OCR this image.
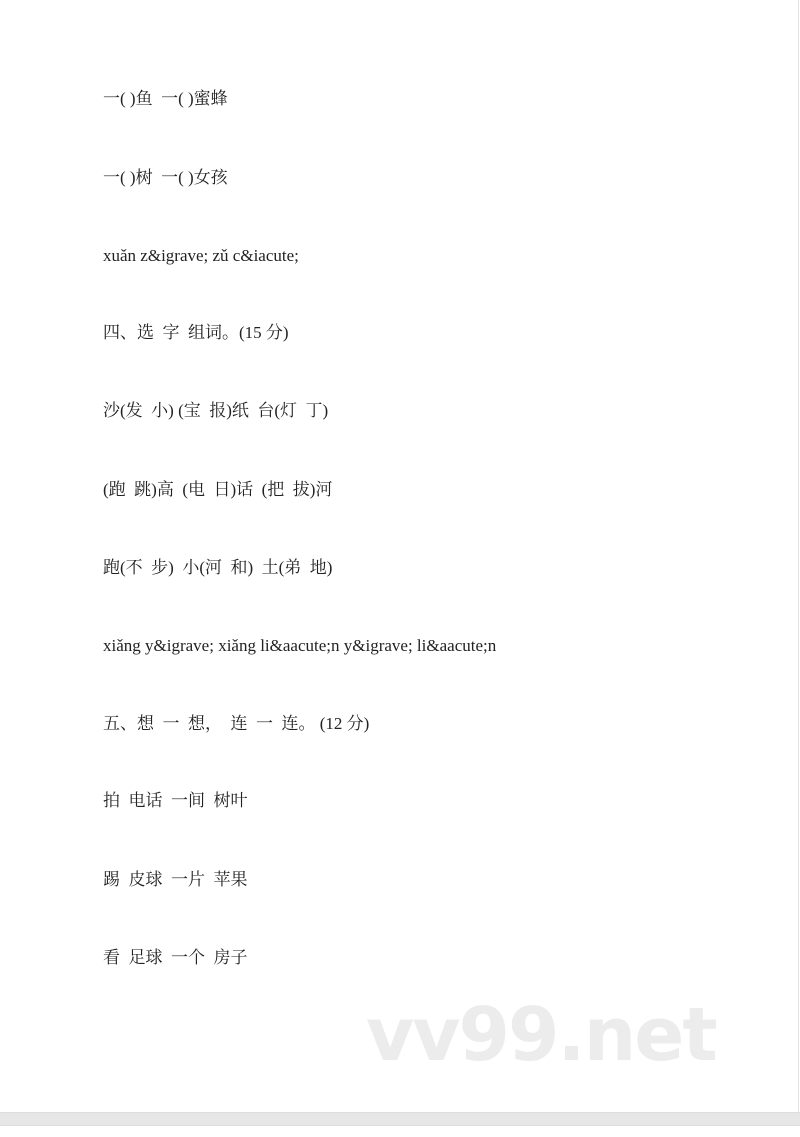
一( )鱼  一( )蜜蜂
一( )树  一( )女孩
xuǎn z&igrave; zǔ c&iacute;
四、选  字  组词。(15 分)
沙(发  小) (宝  报)纸  台(灯  丁)
(跑  跳)高  (电  日)话  (把  拔)河
跑(不  步)  小(河  和)  土(弟  地)
xiǎng y&igrave; xiǎng li&aacute;n y&igrave; li&aacute;n
五、想  一  想，  连  一  连。 (12 分)
拍  电话  一间  树叶
踢  皮球  一片  苹果
看  足球  一个  房子
vv99.net
